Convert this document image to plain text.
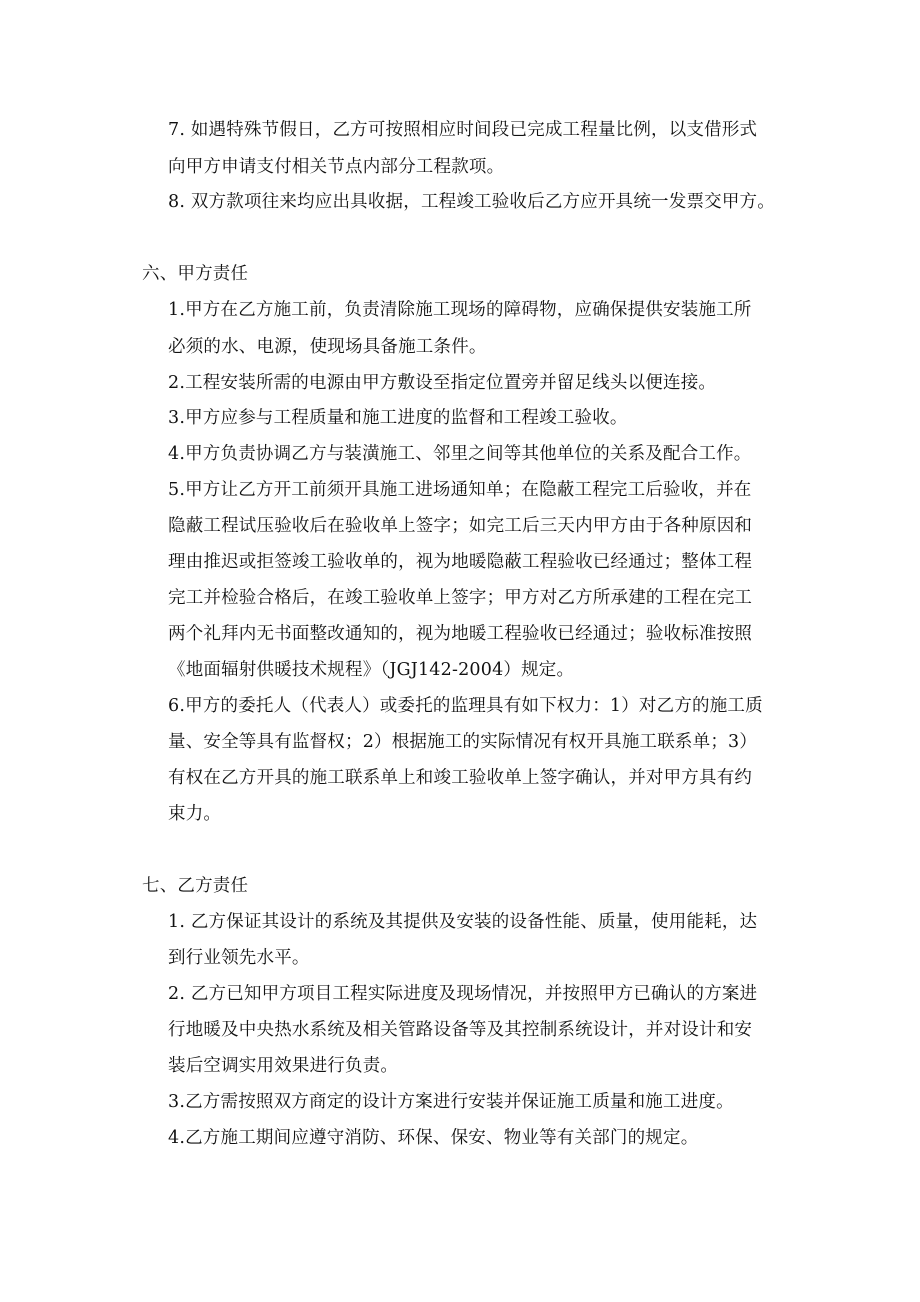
7. 如遇特殊节假日，乙方可按照相应时间段已完成工程量比例，以支借形式
向甲方申请支付相关节点内部分工程款项。
8. 双方款项往来均应出具收据，工程竣工验收后乙方应开具统一发票交甲方。
六、甲方责任
1.甲方在乙方施工前，负责清除施工现场的障碍物，应确保提供安装施工所
必须的水、电源，使现场具备施工条件。
2.工程安装所需的电源由甲方敷设至指定位置旁并留足线头以便连接。
3.甲方应参与工程质量和施工进度的监督和工程竣工验收。
4.甲方负责协调乙方与装潢施工、邻里之间等其他单位的关系及配合工作。
5.甲方让乙方开工前须开具施工进场通知单；在隐蔽工程完工后验收，并在
隐蔽工程试压验收后在验收单上签字；如完工后三天内甲方由于各种原因和
理由推迟或拒签竣工验收单的，视为地暖隐蔽工程验收已经通过；整体工程
完工并检验合格后，在竣工验收单上签字；甲方对乙方所承建的工程在完工
两个礼拜内无书面整改通知的，视为地暖工程验收已经通过；验收标准按照
《地面辐射供暖技术规程》（JGJ142-2004）规定。
6.甲方的委托人（代表人）或委托的监理具有如下权力：1）对乙方的施工质
量、安全等具有监督权；2）根据施工的实际情况有权开具施工联系单；3）
有权在乙方开具的施工联系单上和竣工验收单上签字确认，并对甲方具有约
束力。
七、乙方责任
1. 乙方保证其设计的系统及其提供及安装的设备性能、质量，使用能耗，达
到行业领先水平。
2. 乙方已知甲方项目工程实际进度及现场情况，并按照甲方已确认的方案进
行地暖及中央热水系统及相关管路设备等及其控制系统设计，并对设计和安
装后空调实用效果进行负责。
3.乙方需按照双方商定的设计方案进行安装并保证施工质量和施工进度。
4.乙方施工期间应遵守消防、环保、保安、物业等有关部门的规定。
